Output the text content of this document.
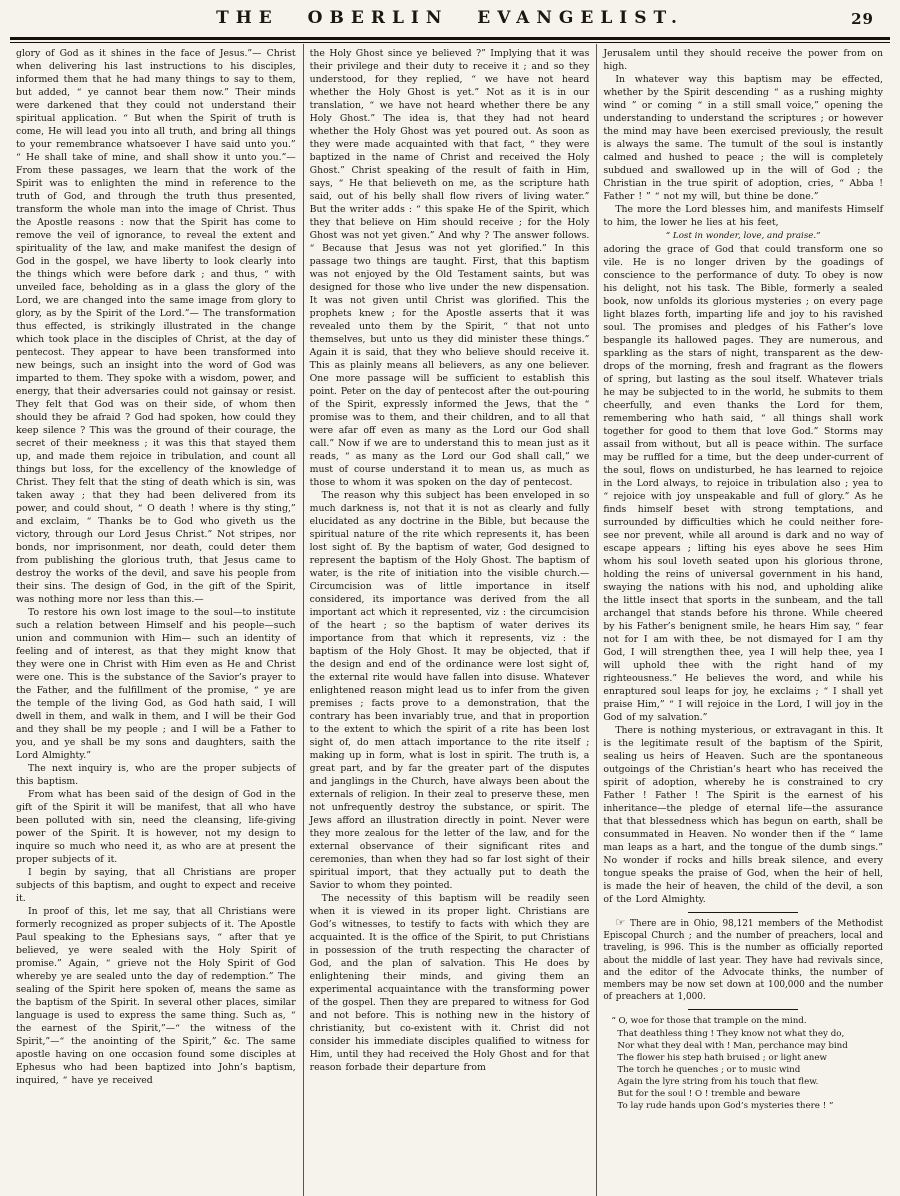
THE OBERLIN EVANGELIST.	29

glory of God as it shines in the face of Jesus.”— Christ when delivering his last instructions to his disciples, informed them that he had many things to say to them, but added, “ ye cannot bear them now.” Their minds were darkened that they could not understand their spiritual application. “ But when the Spirit of truth is come, He will lead you into all truth, and bring all things to your remembrance whatsoever I have said unto you.” “ He shall take of mine, and shall show it unto you.”— From these passages, we learn that the work of the Spirit was to enlighten the mind in reference to the truth of God, and through the truth thus presented, transform the whole man into the image of Christ. Thus the Apostle reasons : now that the Spirit has come to remove the veil of ignorance, to reveal the extent and spirituality of the law, and make manifest the design of God in the gospel, we have liberty to look clearly into the things which were before dark ; and thus, “ with unveiled face, beholding as in a glass the glory of the Lord, we are changed into the same image from glory to glory, as by the Spirit of the Lord.”— The transformation thus effected, is strikingly illustrated in the change which took place in the disciples of Christ, at the day of pentecost. They appear to have been transformed into new beings, such an insight into the word of God was imparted to them. They spoke with a wisdom, power, and energy, that their adversaries could not gainsay or resist. They felt that God was on their side, of whom then should they be afraid ? God had spoken, how could they keep silence ? This was the ground of their courage, the secret of their meekness ; it was this that stayed them up, and made them rejoice in tribulation, and count all things but loss, for the excellency of the knowledge of Christ. They felt that the sting of death which is sin, was taken away ; that they had been delivered from its power, and could shout, “ O death ! where is thy sting,” and exclaim, “ Thanks be to God who giveth us the victory, through our Lord Jesus Christ.” Not stripes, nor bonds, nor imprisonment, nor death, could deter them from publishing the glorious truth, that Jesus came to destroy the works of the devil, and save his people from their sins. The design of God, in the gift of the Spirit, was nothing more nor less than this.—

To restore his own lost image to the soul—to institute such a relation between Himself and his people—such union and communion with Him— such an identity of feeling and of interest, as that they might know that they were one in Christ with Him even as He and Christ were one. This is the substance of the Savior’s prayer to the Father, and the fulfillment of the promise, “ ye are the temple of the living God, as God hath said, I will dwell in them, and walk in them, and I will be their God and they shall be my people ; and I will be a Father to you, and ye shall be my sons and daughters, saith the Lord Almighty.”

The next inquiry is, who are the proper subjects of this baptism.

From what has been said of the design of God in the gift of the Spirit it will be manifest, that all who have been polluted with sin, need the cleansing, life-giving power of the Spirit. It is however, not my design to inquire so much who need it, as who are at present the proper subjects of it.

I begin by saying, that all Christians are proper subjects of this baptism, and ought to expect and receive it.

In proof of this, let me say, that all Christians were formerly recognized as proper subjects of it. The Apostle Paul speaking to the Ephesians says, “ after that ye believed, ye were sealed with the Holy Spirit of promise.” Again, “ grieve not the Holy Spirit of God whereby ye are sealed unto the day of redemption.” The sealing of the Spirit here spoken of, means the same as the baptism of the Spirit. In several other places, similar language is used to express the same thing. Such as, “ the earnest of the Spirit,”—“ the witness of the Spirit,”—“ the anointing of the Spirit,” &c. The same apostle having on one occasion found some disciples at Ephesus who had been baptized into John’s baptism, inquired, “ have ye received

the Holy Ghost since ye believed ?” Implying that it was their privilege and their duty to receive it ; and so they understood, for they replied, “ we have not heard whether the Holy Ghost is yet.” Not as it is in our translation, “ we have not heard whether there be any Holy Ghost.” The idea is, that they had not heard whether the Holy Ghost was yet poured out. As soon as they were made acquainted with that fact, “ they were baptized in the name of Christ and received the Holy Ghost.” Christ speaking of the result of faith in Him, says, “ He that believeth on me, as the scripture hath said, out of his belly shall flow rivers of living water.” But the writer adds : “ this spake He of the Spirit, which they that believe on Him should receive ; for the Holy Ghost was not yet given.” And why ? The answer follows. “ Because that Jesus was not yet glorified.” In this passage two things are taught. First, that this baptism was not enjoyed by the Old Testament saints, but was designed for those who live under the new dispensation. It was not given until Christ was glorified. This the prophets knew ; for the Apostle asserts that it was revealed unto them by the Spirit, “ that not unto themselves, but unto us they did minister these things.” Again it is said, that they who believe should receive it. This as plainly means all believers, as any one believer. One more passage will be sufficient to establish this point. Peter on the day of pentecost after the out-pouring of the Spirit, expressly informed the Jews, that the “ promise was to them, and their children, and to all that were afar off even as many as the Lord our God shall call.” Now if we are to understand this to mean just as it reads, “ as many as the Lord our God shall call,” we must of course understand it to mean us, as much as those to whom it was spoken on the day of pentecost.

The reason why this subject has been enveloped in so much darkness is, not that it is not as clearly and fully elucidated as any doctrine in the Bible, but because the spiritual nature of the rite which represents it, has been lost sight of. By the baptism of water, God designed to represent the baptism of the Holy Ghost. The baptism of water, is the rite of initiation into the visible church.— Circumcision was of little importance in itself considered, its importance was derived from the all important act which it represented, viz : the circumcision of the heart ; so the baptism of water derives its importance from that which it represents, viz : the baptism of the Holy Ghost. It may be objected, that if the design and end of the ordinance were lost sight of, the external rite would have fallen into disuse. Whatever enlightened reason might lead us to infer from the given premises ; facts prove to a demonstration, that the contrary has been invariably true, and that in proportion to the extent to which the spirit of a rite has been lost sight of, do men attach importance to the rite itself ; making up in form, what is lost in spirit. The truth is, a great part, and by far the greater part of the disputes and janglings in the Church, have always been about the externals of religion. In their zeal to preserve these, men not unfrequently destroy the substance, or spirit. The Jews afford an illustration directly in point. Never were they more zealous for the letter of the law, and for the external observance of their significant rites and ceremonies, than when they had so far lost sight of their spiritual import, that they actually put to death the Savior to whom they pointed.

The necessity of this baptism will be readily seen when it is viewed in its proper light. Christians are God’s witnesses, to testify to facts with which they are acquainted. It is the office of the Spirit, to put Christians in possession of the truth respecting the character of God, and the plan of salvation. This He does by enlightening their minds, and giving them an experimental acquaintance with the transforming power of the gospel. Then they are prepared to witness for God and not before. This is nothing new in the history of christianity, but co-existent with it. Christ did not consider his immediate disciples qualified to witness for Him, until they had received the Holy Ghost and for that reason forbade their departure from

Jerusalem until they should receive the power from on high.

In whatever way this baptism may be effected, whether by the Spirit descending “ as a rushing mighty wind ” or coming “ in a still small voice,” opening the understanding to understand the scriptures ; or however the mind may have been exercised previously, the result is always the same. The tumult of the soul is instantly calmed and hushed to peace ; the will is completely subdued and swallowed up in the will of God ; the Christian in the true spirit of adoption, cries, “ Abba ! Father ! ” “ not my will, but thine be done.”

The more the Lord blesses him, and manifests Himself to him, the lower he lies at his feet,

“ Lost in wonder, love, and praise.”

adoring the grace of God that could transform one so vile. He is no longer driven by the goadings of conscience to the performance of duty. To obey is now his delight, not his task. The Bible, formerly a sealed book, now unfolds its glorious mysteries ; on every page light blazes forth, imparting life and joy to his ravished soul. The promises and pledges of his Father’s love bespangle its hallowed pages. They are numerous, and sparkling as the stars of night, transparent as the dew-drops of the morning, fresh and fragrant as the flowers of spring, but lasting as the soul itself. Whatever trials he may be subjected to in the world, he submits to them cheerfully, and even thanks the Lord for them, remembering who hath said, “ all things shall work together for good to them that love God.” Storms may assail from without, but all is peace within. The surface may be ruffled for a time, but the deep under-current of the soul, flows on undisturbed, he has learned to rejoice in the Lord always, to rejoice in tribulation also ; yea to “ rejoice with joy unspeakable and full of glory.” As he finds himself beset with strong temptations, and surrounded by difficulties which he could neither fore-see nor prevent, while all around is dark and no way of escape appears ; lifting his eyes above he sees Him whom his soul loveth seated upon his glorious throne, holding the reins of universal government in his hand, swaying the nations with his nod, and upholding alike the little insect that sports in the sunbeam, and the tall archangel that stands before his throne. While cheered by his Father’s benignent smile, he hears Him say, “ fear not for I am with thee, be not dismayed for I am thy God, I will strengthen thee, yea I will help thee, yea I will uphold thee with the right hand of my righteousness.” He believes the word, and while his enraptured soul leaps for joy, he exclaims ; “ I shall yet praise Him,” “ I will rejoice in the Lord, I will joy in the God of my salvation.”

There is nothing mysterious, or extravagant in this. It is the legitimate result of the baptism of the Spirit, sealing us heirs of Heaven. Such are the spontaneous outgoings of the Christian’s heart who has received the spirit of adoption, whereby he is constrained to cry Father ! Father ! The Spirit is the earnest of his inheritance—the pledge of eternal life—the assurance that that blessedness which has begun on earth, shall be consummated in Heaven. No wonder then if the “ lame man leaps as a hart, and the tongue of the dumb sings.” No wonder if rocks and hills break silence, and every tongue speaks the praise of God, when the heir of hell, is made the heir of heaven, the child of the devil, a son of the Lord Almighty.

☞ There are in Ohio, 98,121 members of the Methodist Episcopal Church ; and the number of preachers, local and traveling, is 996. This is the number as officially reported about the middle of last year. They have had revivals since, and the editor of the Advocate thinks, the number of members may be now set down at 100,000 and the number of preachers at 1,000.

“ O, woe for those that trample on the mind.
That deathless thing ! They know not what they do,
Nor what they deal with ! Man, perchance may bind
The flower his step hath bruised ; or light anew
The torch he quenches ; or to music wind
Again the lyre string from his touch that flew.
But for the soul ! O ! tremble and beware
To lay rude hands upon God’s mysteries there ! ”
